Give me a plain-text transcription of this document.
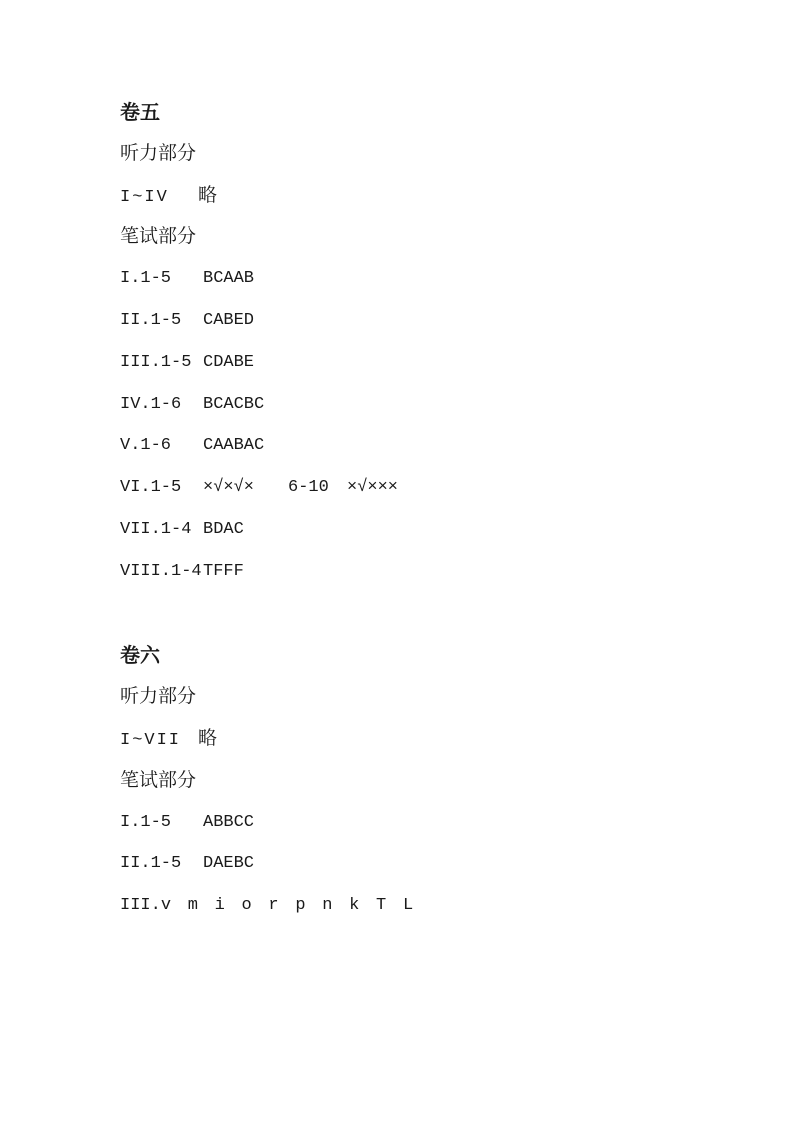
卷五
听力部分
I~IV	略
笔试部分
I.1-5	BCAAB
II.1-5	CABED
III.1-5 CDABE
IV.1-6	BCACBC
V.1-6	CAABAC
VI.1-5	×√×√×	6-10	×√×××
VII.1-4 BDAC
VIII.1-4 TFFF
卷六
听力部分
I~VII 略
笔试部分
I.1-5	ABBCC
II.1-5	DAEBC
III. v m i o r p n k T L
